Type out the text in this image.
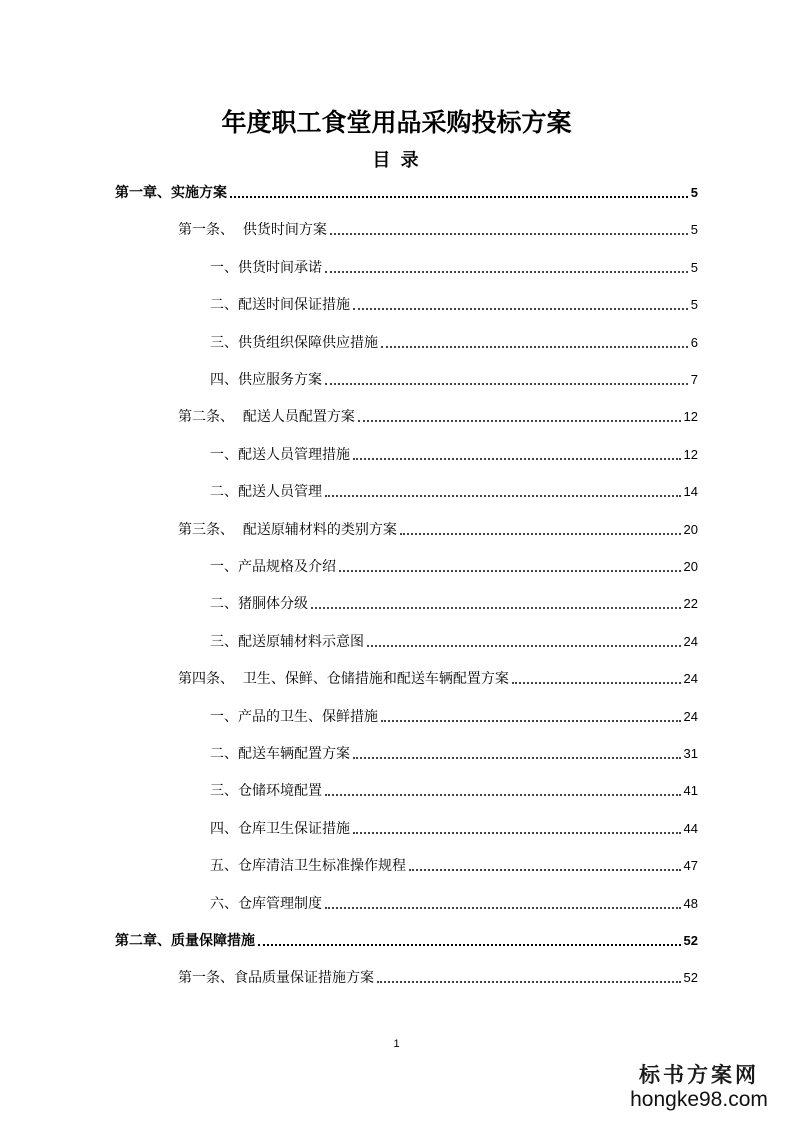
年度职工食堂用品采购投标方案
目 录
第一章、实施方案	5
第一条、  供货时间方案	5
一、供货时间承诺	5
二、配送时间保证措施	5
三、供货组织保障供应措施	6
四、供应服务方案	7
第二条、  配送人员配置方案	12
一、配送人员管理措施	12
二、配送人员管理	14
第三条、  配送原辅材料的类别方案	20
一、产品规格及介绍	20
二、猪胴体分级	22
三、配送原辅材料示意图	24
第四条、  卫生、保鲜、仓储措施和配送车辆配置方案	24
一、产品的卫生、保鲜措施	24
二、配送车辆配置方案	31
三、仓储环境配置	41
四、仓库卫生保证措施	44
五、仓库清洁卫生标准操作规程	47
六、仓库管理制度	48
第二章、质量保障措施	52
第一条、食品质量保证措施方案	52
1
标书方案网
hongke98.com
